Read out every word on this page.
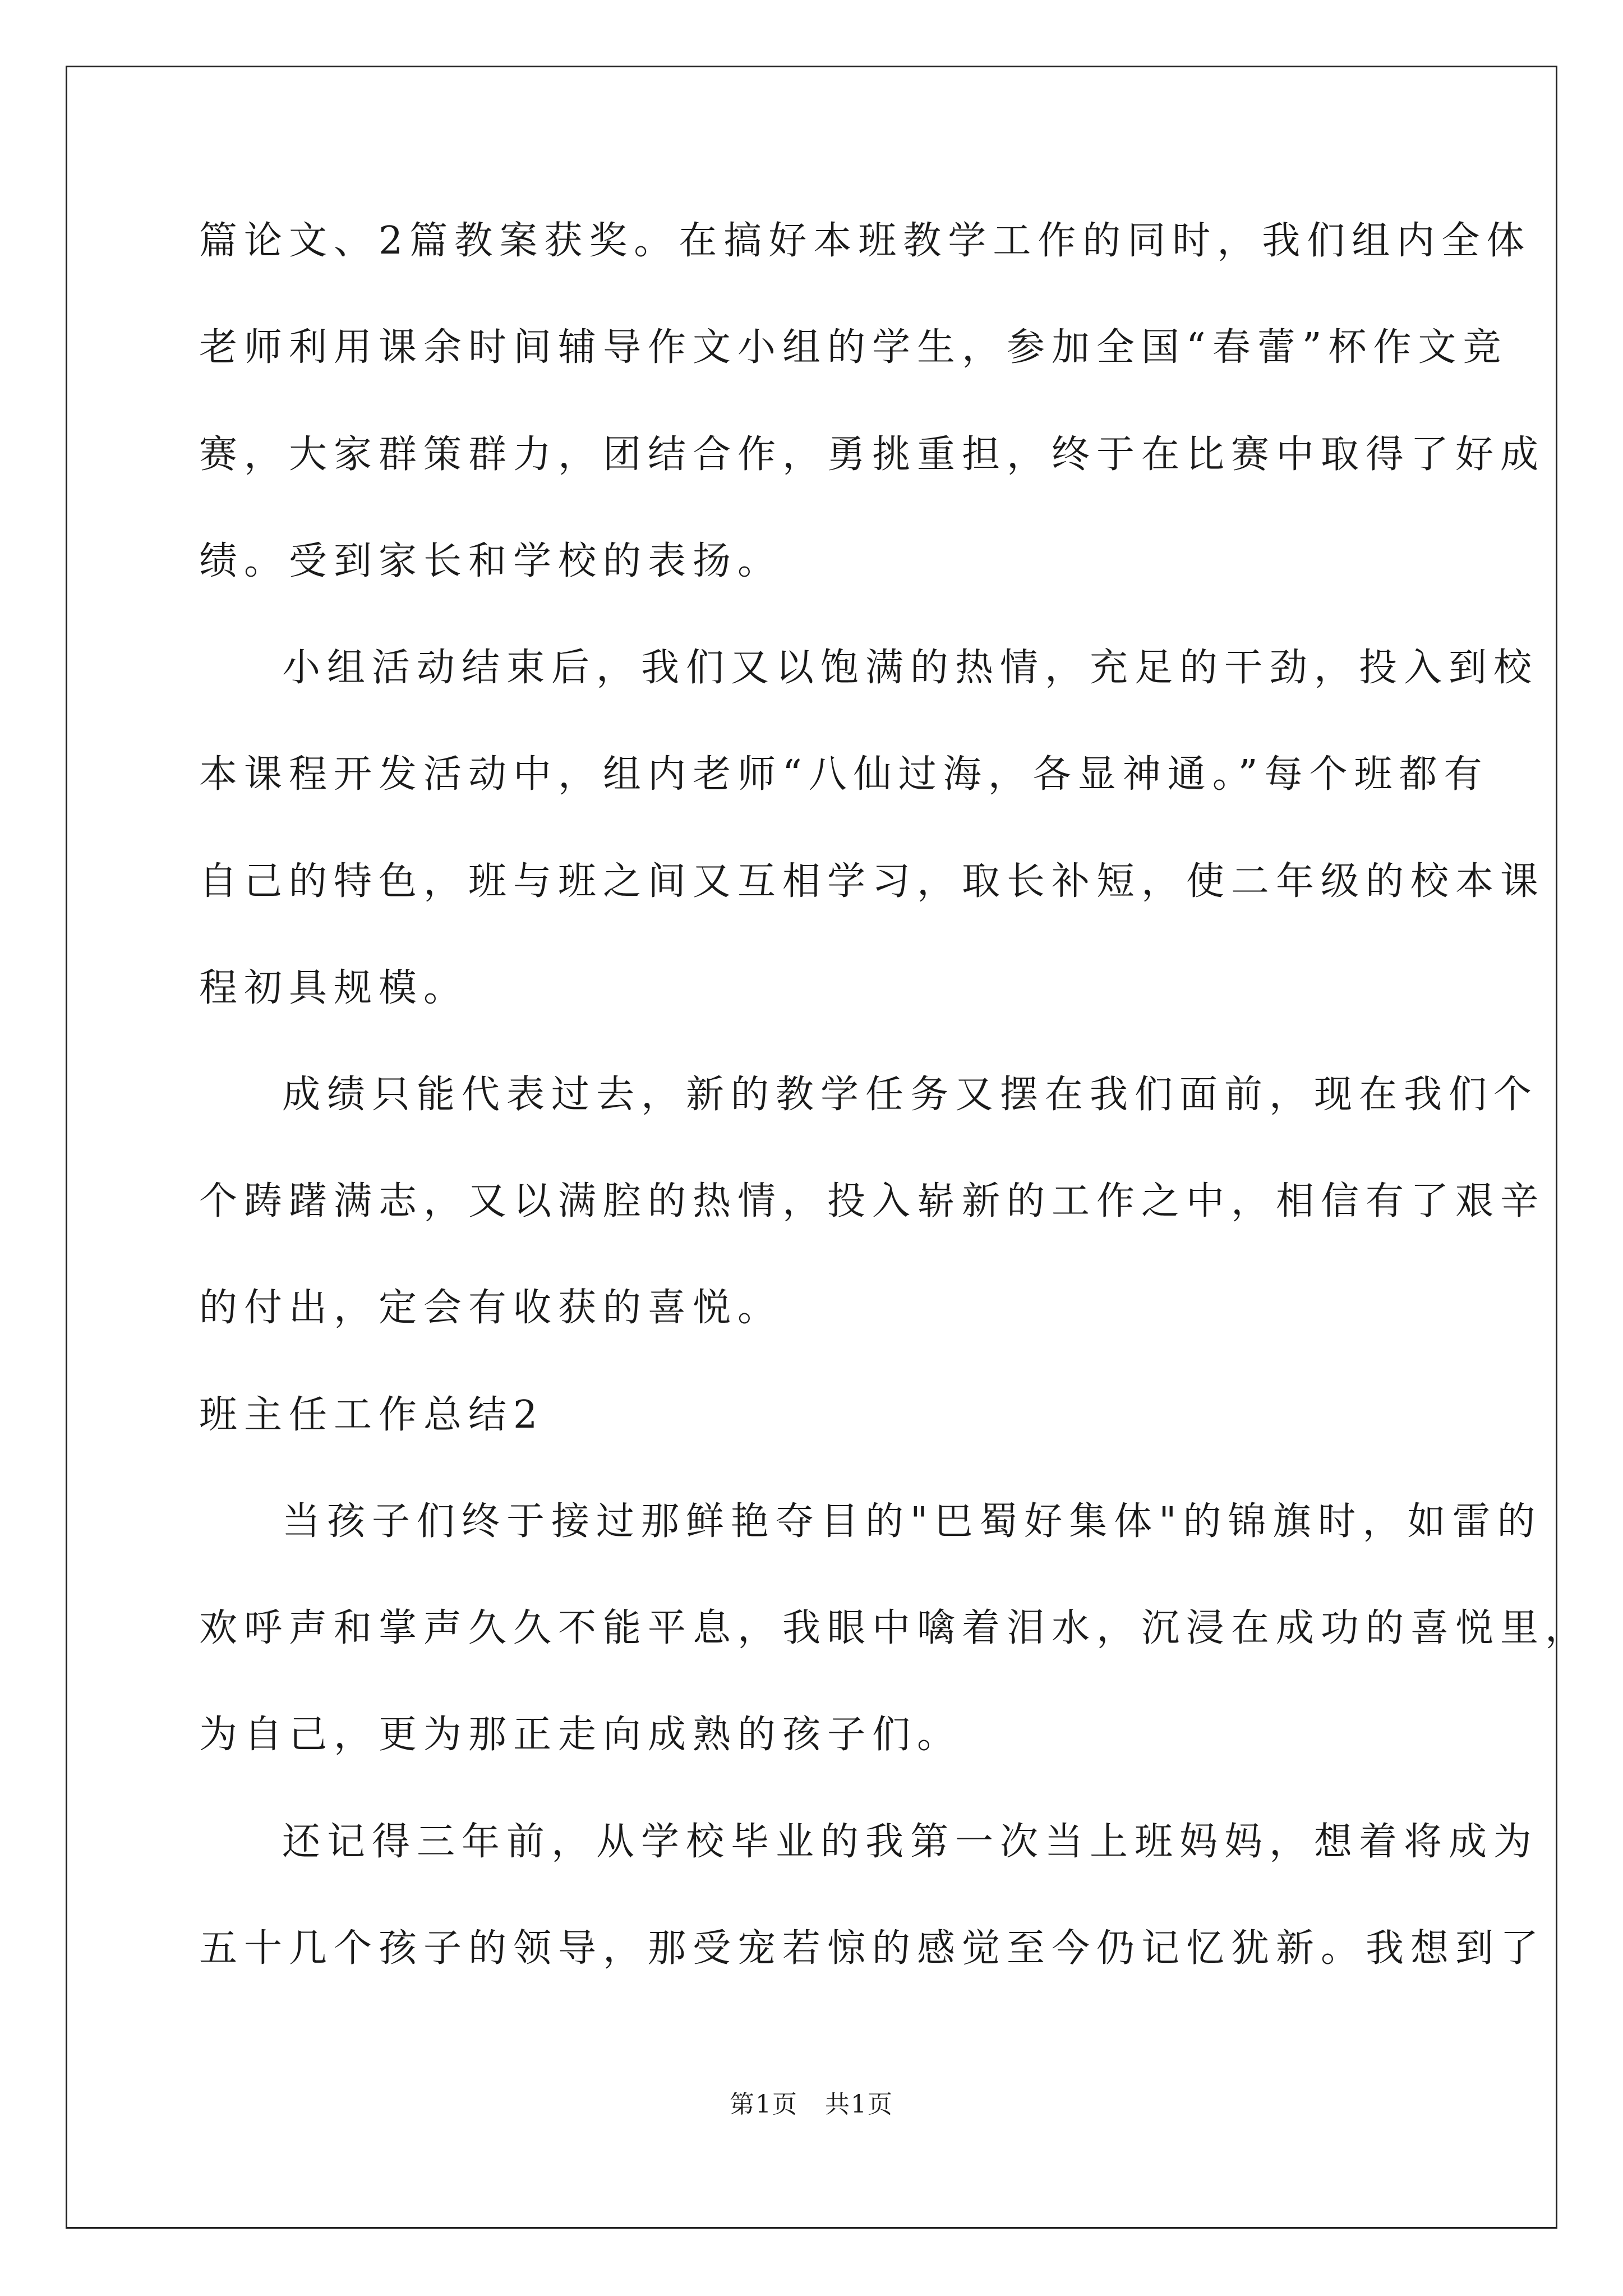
篇论文、2篇教案获奖。在搞好本班教学工作的同时，我们组内全体
老师利用课余时间辅导作文小组的学生，参加全国“春蕾”杯作文竞
赛，大家群策群力，团结合作，勇挑重担，终于在比赛中取得了好成
绩。受到家长和学校的表扬。
小组活动结束后，我们又以饱满的热情，充足的干劲，投入到校
本课程开发活动中，组内老师“八仙过海，各显神通。”每个班都有
自己的特色，班与班之间又互相学习，取长补短，使二年级的校本课
程初具规模。
成绩只能代表过去，新的教学任务又摆在我们面前，现在我们个
个踌躇满志，又以满腔的热情，投入崭新的工作之中，相信有了艰辛
的付出，定会有收获的喜悦。
班主任工作总结2
当孩子们终于接过那鲜艳夺目的"巴蜀好集体"的锦旗时，如雷的
欢呼声和掌声久久不能平息，我眼中噙着泪水，沉浸在成功的喜悦里，
为自己，更为那正走向成熟的孩子们。
还记得三年前，从学校毕业的我第一次当上班妈妈，想着将成为
五十几个孩子的领导，那受宠若惊的感觉至今仍记忆犹新。我想到了
第1页   共1页
